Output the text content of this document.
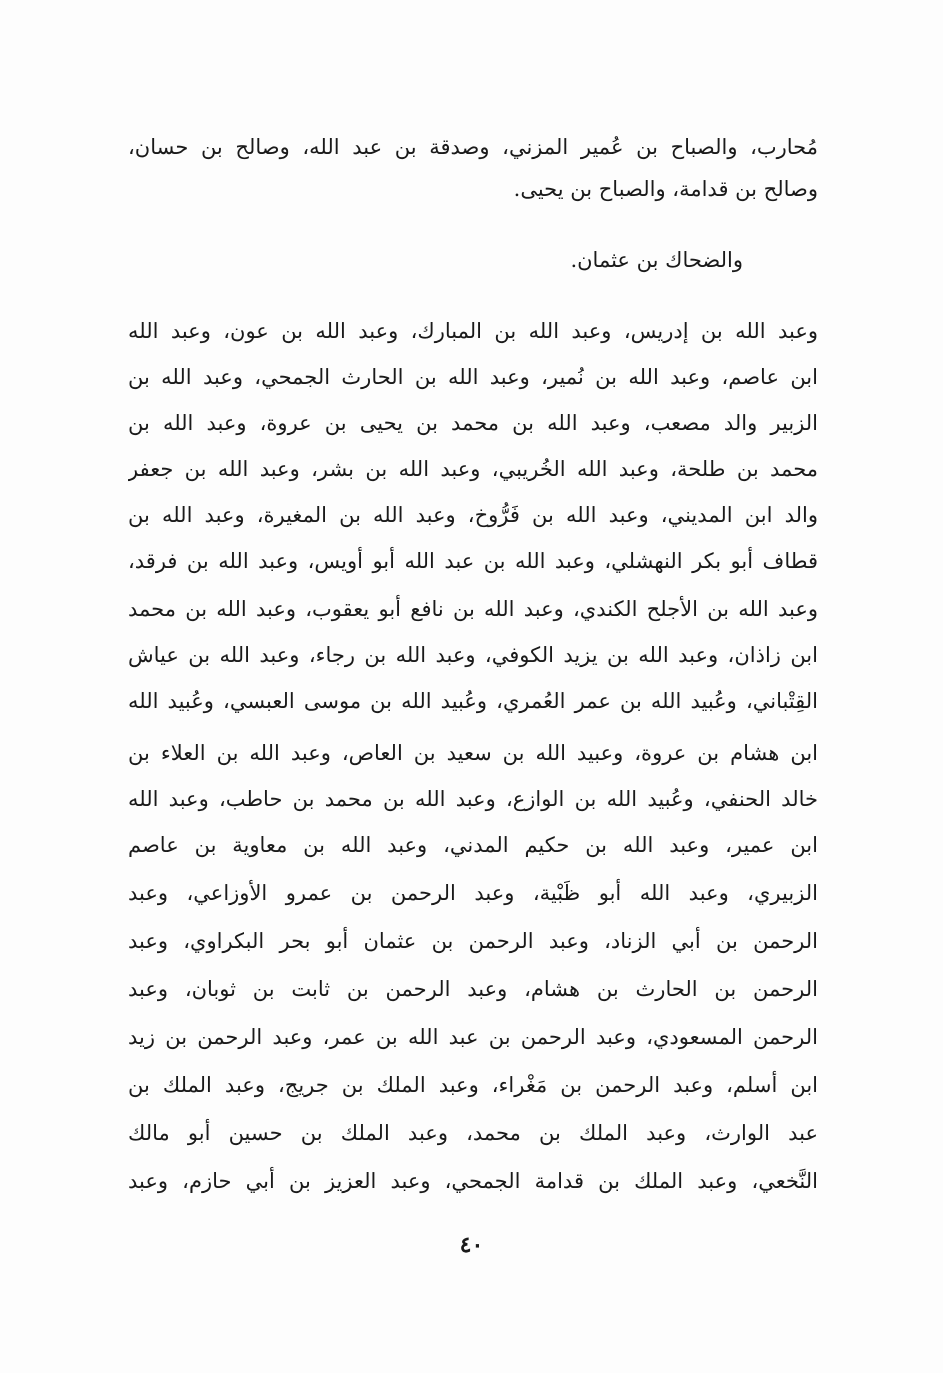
مُحارب، والصباح بن عُمير المزني، وصدقة بن عبد الله، وصالح بن حسان،
وصالح بن قدامة، والصباح بن يحيى.
والضحاك بن عثمان.
وعبد الله بن إدريس، وعبد الله بن المبارك، وعبد الله بن عون، وعبد الله
ابن عاصم، وعبد الله بن نُمير، وعبد الله بن الحارث الجمحي، وعبد الله بن
الزبير والد مصعب، وعبد الله بن محمد بن يحيى بن عروة، وعبد الله بن
محمد بن طلحة، وعبد الله الخُريبي، وعبد الله بن بشر، وعبد الله بن جعفر
والد ابن المديني، وعبد الله بن فَرُّوخ، وعبد الله بن المغيرة، وعبد الله بن
قطاف أبو بكر النهشلي، وعبد الله بن عبد الله أبو أويس، وعبد الله بن فرقد،
وعبد الله بن الأجلح الكندي، وعبد الله بن نافع أبو يعقوب، وعبد الله بن محمد
ابن زاذان، وعبد الله بن يزيد الكوفي، وعبد الله بن رجاء، وعبد الله بن عياش
القِتْباني، وعُبيد الله بن عمر العُمري، وعُبيد الله بن موسى العبسي، وعُبيد الله
ابن هشام بن عروة، وعبيد الله بن سعيد بن العاص، وعبد الله بن العلاء بن
خالد الحنفي، وعُبيد الله بن الوازع، وعبد الله بن محمد بن حاطب، وعبد الله
ابن عمير، وعبد الله بن حكيم المدني، وعبد الله بن معاوية بن عاصم
الزبيري، وعبد الله أبو ظَبْية، وعبد الرحمن بن عمرو الأوزاعي، وعبد
الرحمن بن أبي الزناد، وعبد الرحمن بن عثمان أبو بحر البكراوي، وعبد
الرحمن بن الحارث بن هشام، وعبد الرحمن بن ثابت بن ثوبان، وعبد
الرحمن المسعودي، وعبد الرحمن بن عبد الله بن عمر، وعبد الرحمن بن زيد
ابن أسلم، وعبد الرحمن بن مَغْراء، وعبد الملك بن جريج، وعبد الملك بن
عبد الوارث، وعبد الملك بن محمد، وعبد الملك بن حسين أبو مالك
النَّخعي، وعبد الملك بن قدامة الجمحي، وعبد العزيز بن أبي حازم، وعبد
٤٠
